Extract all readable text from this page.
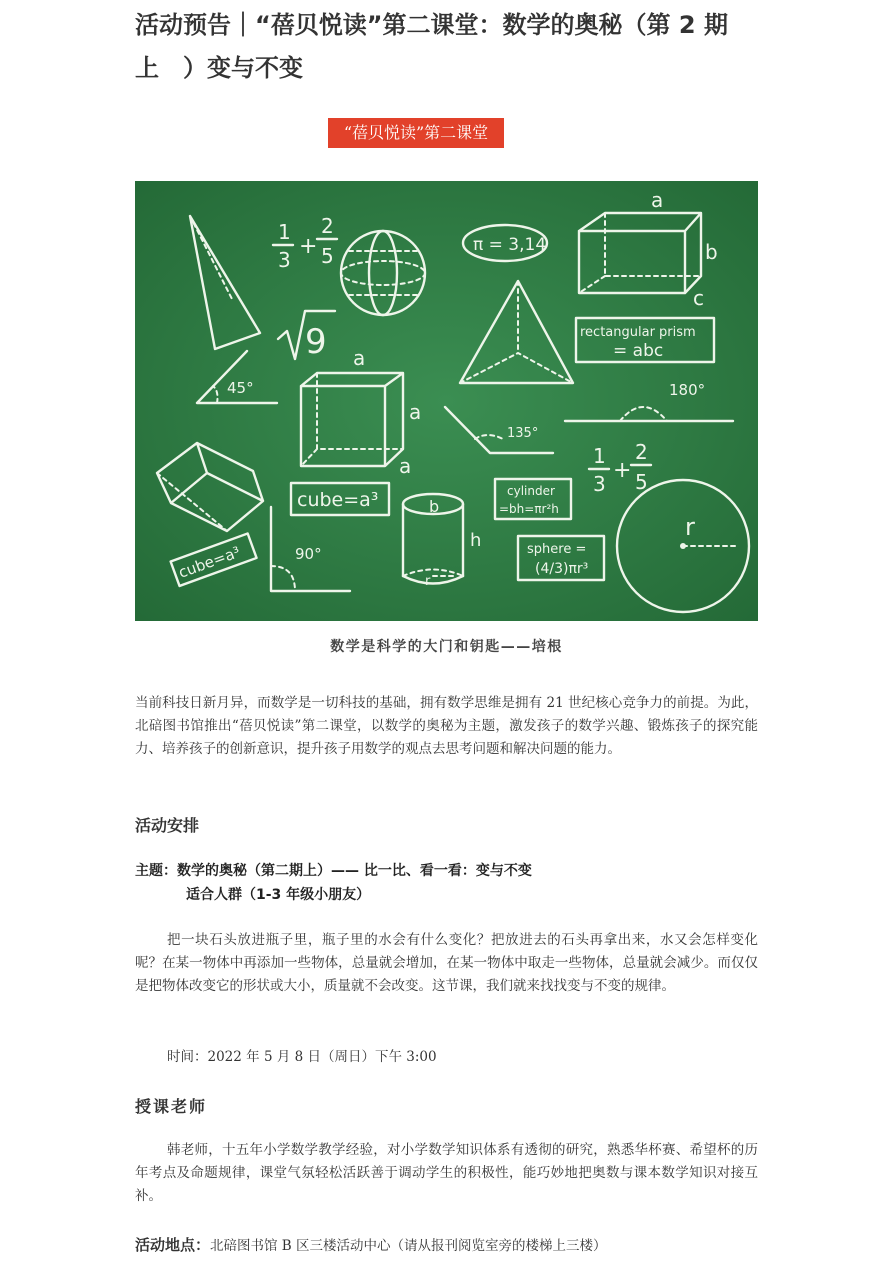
活动预告｜“蓓贝悦读”第二课堂：数学的奥秘（第 2 期上　）变与不变
“蓓贝悦读”第二课堂
1
3
+
2
5	π = 3,14
a
b
c
9	rectangular prism
= abc
45°
a
a
a
180°
135°
1
3
+
2
5
cube=a³	b
h
r
cylinder
=bh=πr²h
sphere =
(4/3)πr³
90°
cube=a³
r
数学是科学的大门和钥匙——培根

当前科技日新月异，而数学是一切科技的基础，拥有数学思维是拥有 21 世纪核心竞争力的前提。为此，北碚图书馆推出“蓓贝悦读”第二课堂，以数学的奥秘为主题，激发孩子的数学兴趣、锻炼孩子的探究能力、培养孩子的创新意识，提升孩子用数学的观点去思考问题和解决问题的能力。

活动安排

主题：数学的奥秘（第二期上）—— 比一比、看一看：变与不变

适合人群（1-3 年级小朋友）

把一块石头放进瓶子里，瓶子里的水会有什么变化？把放进去的石头再拿出来，水又会怎样变化呢？在某一物体中再添加一些物体，总量就会增加，在某一物体中取走一些物体，总量就会减少。而仅仅是把物体改变它的形状或大小，质量就不会改变。这节课，我们就来找找变与不变的规律。

时间：2022 年 5 月 8 日（周日）下午 3:00

授课老师

韩老师，十五年小学数学教学经验，对小学数学知识体系有透彻的研究，熟悉华杯赛、希望杯的历年考点及命题规律，课堂气氛轻松活跃善于调动学生的积极性，能巧妙地把奥数与课本数学知识对接互补。

活动地点：北碚图书馆 B 区三楼活动中心（请从报刊阅览室旁的楼梯上三楼）
